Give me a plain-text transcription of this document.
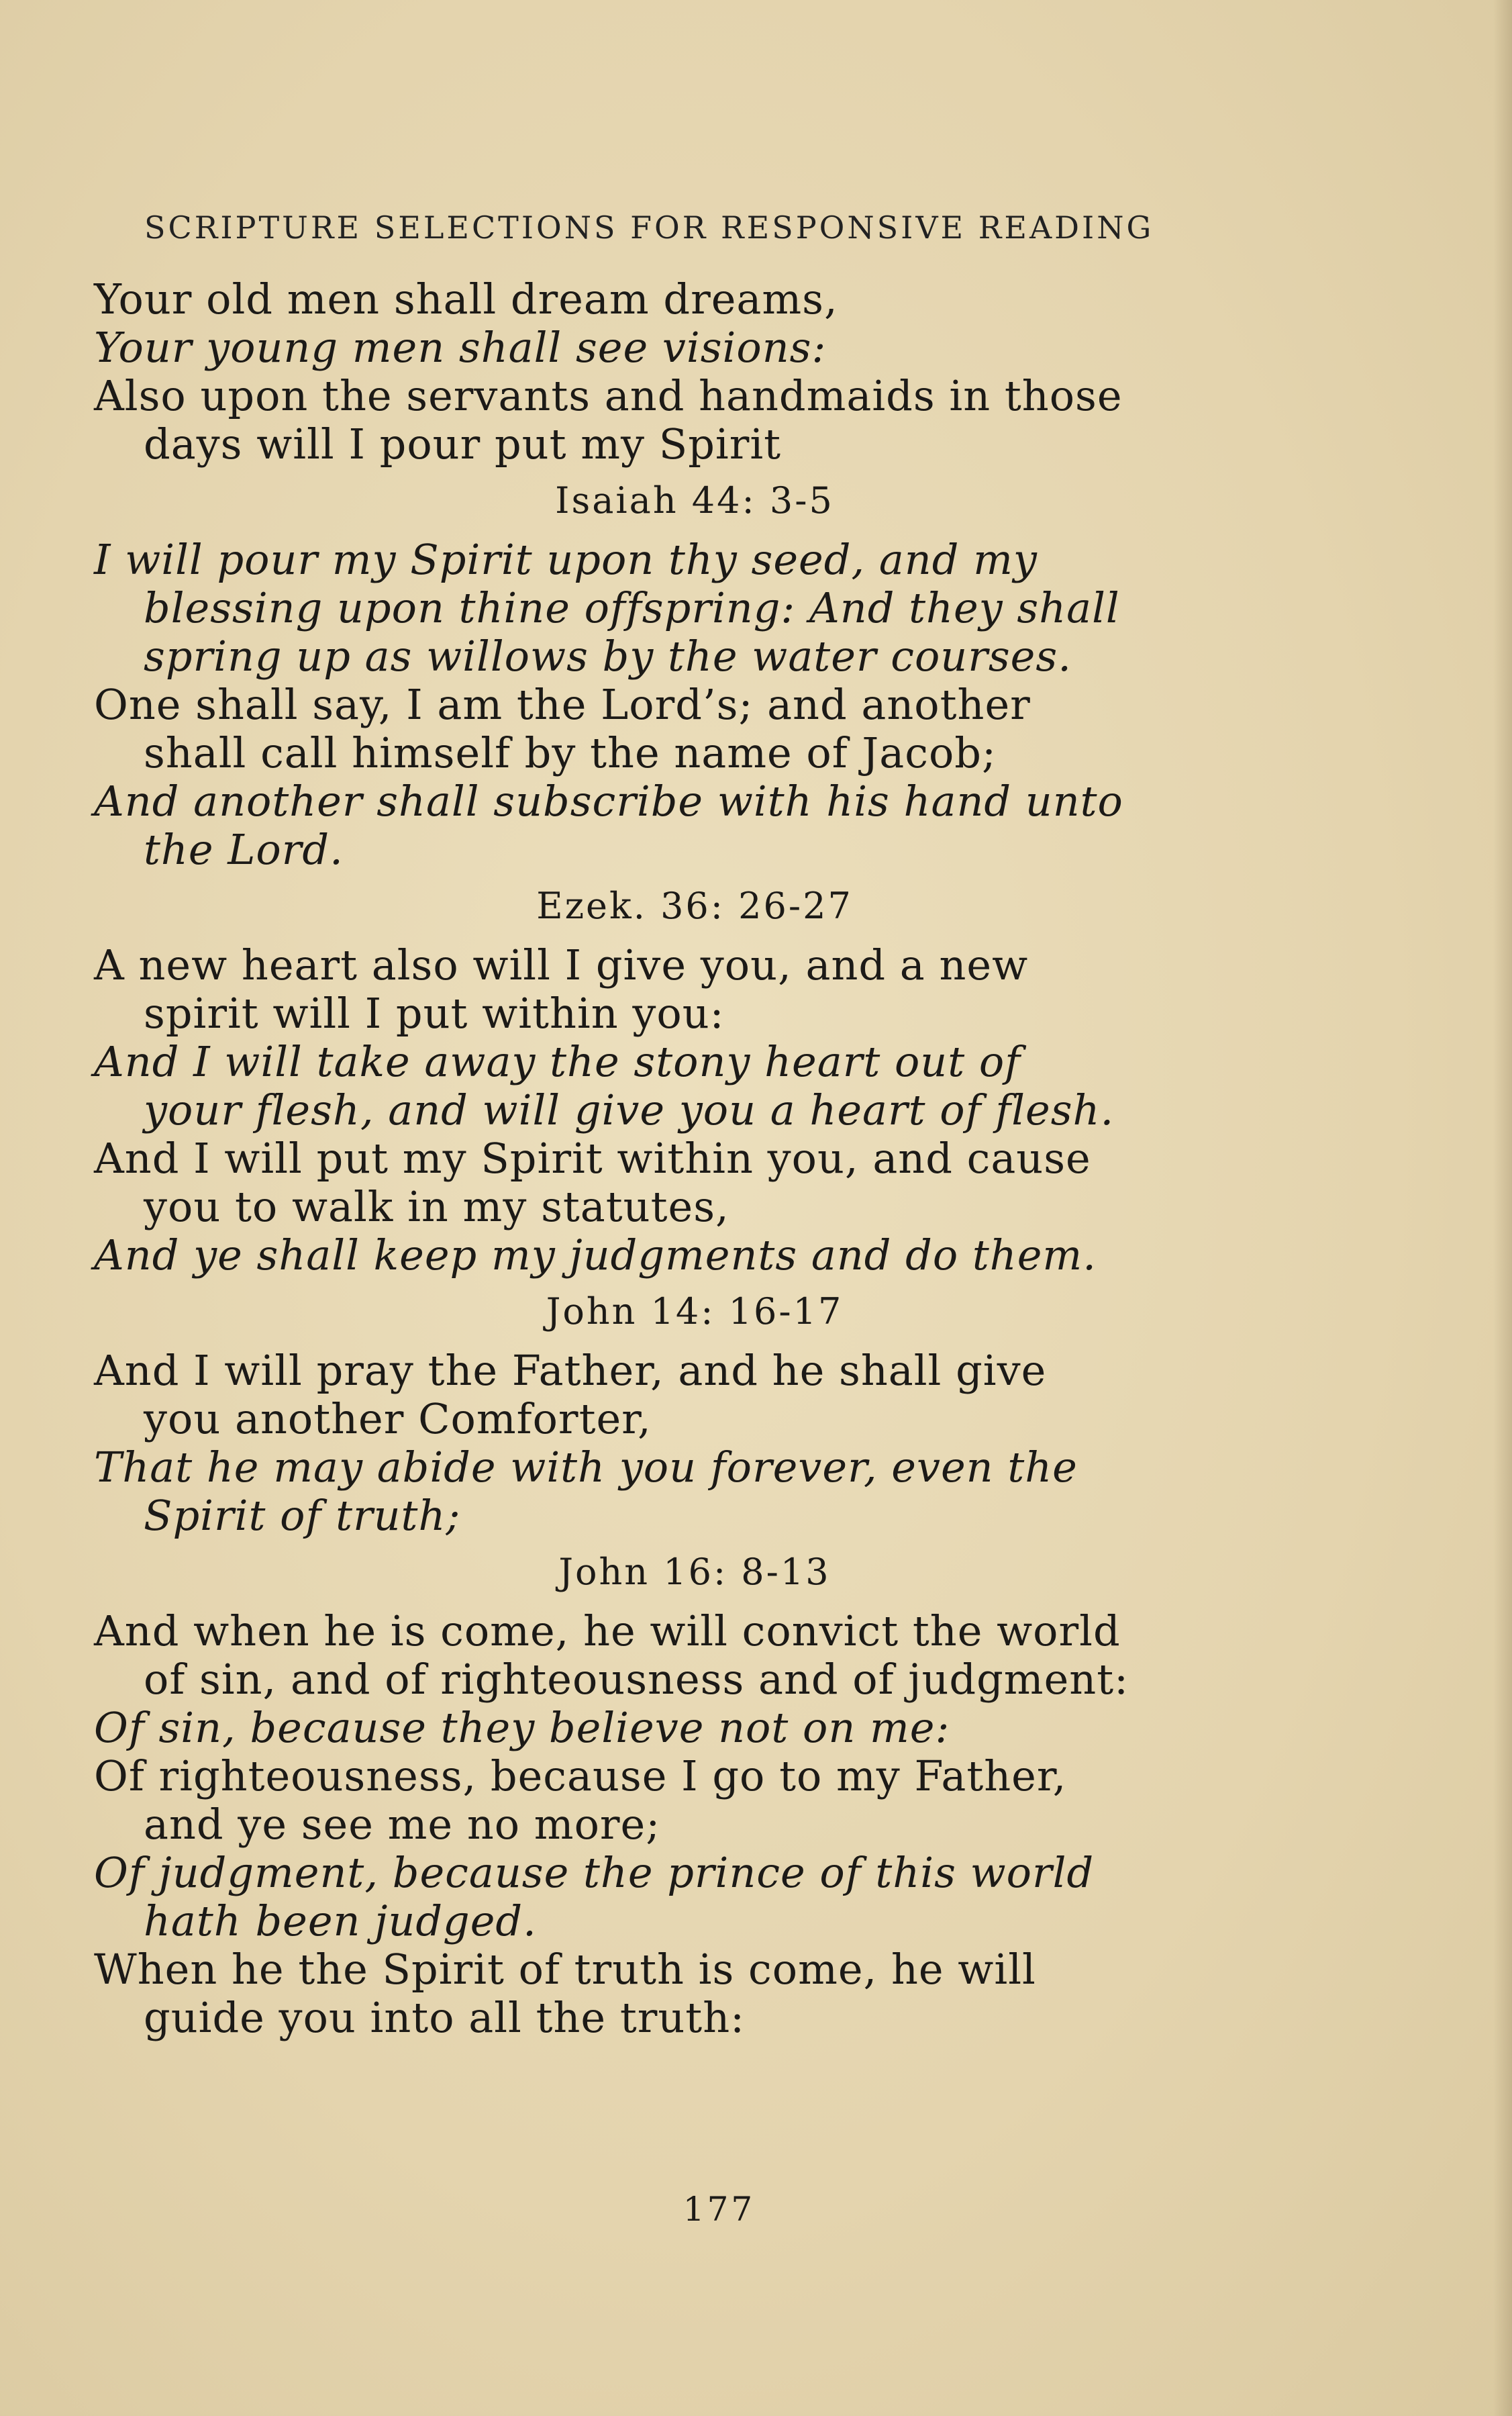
SCRIPTURE SELECTIONS FOR RESPONSIVE READING
Your old men shall dream dreams,
Your young men shall see visions:
Also upon the servants and handmaids in those
days will I pour put my Spirit
Isaiah 44: 3-5
I will pour my Spirit upon thy seed, and my
blessing upon thine offspring: And they shall
spring up as willows by the water courses.
One shall say, I am the Lord’s; and another
shall call himself by the name of Jacob;
And another shall subscribe with his hand unto
the Lord.
Ezek. 36: 26-27
A new heart also will I give you, and a new
spirit will I put within you:
And I will take away the stony heart out of
your flesh, and will give you a heart of flesh.
And I will put my Spirit within you, and cause
you to walk in my statutes,
And ye shall keep my judgments and do them.
John 14: 16-17
And I will pray the Father, and he shall give
you another Comforter,
That he may abide with you forever, even the
Spirit of truth;
John 16: 8-13
And when he is come, he will convict the world
of sin, and of righteousness and of judgment:
Of sin, because they believe not on me:
Of righteousness, because I go to my Father,
and ye see me no more;
Of judgment, because the prince of this world
hath been judged.
When he the Spirit of truth is come, he will
guide you into all the truth:
177
